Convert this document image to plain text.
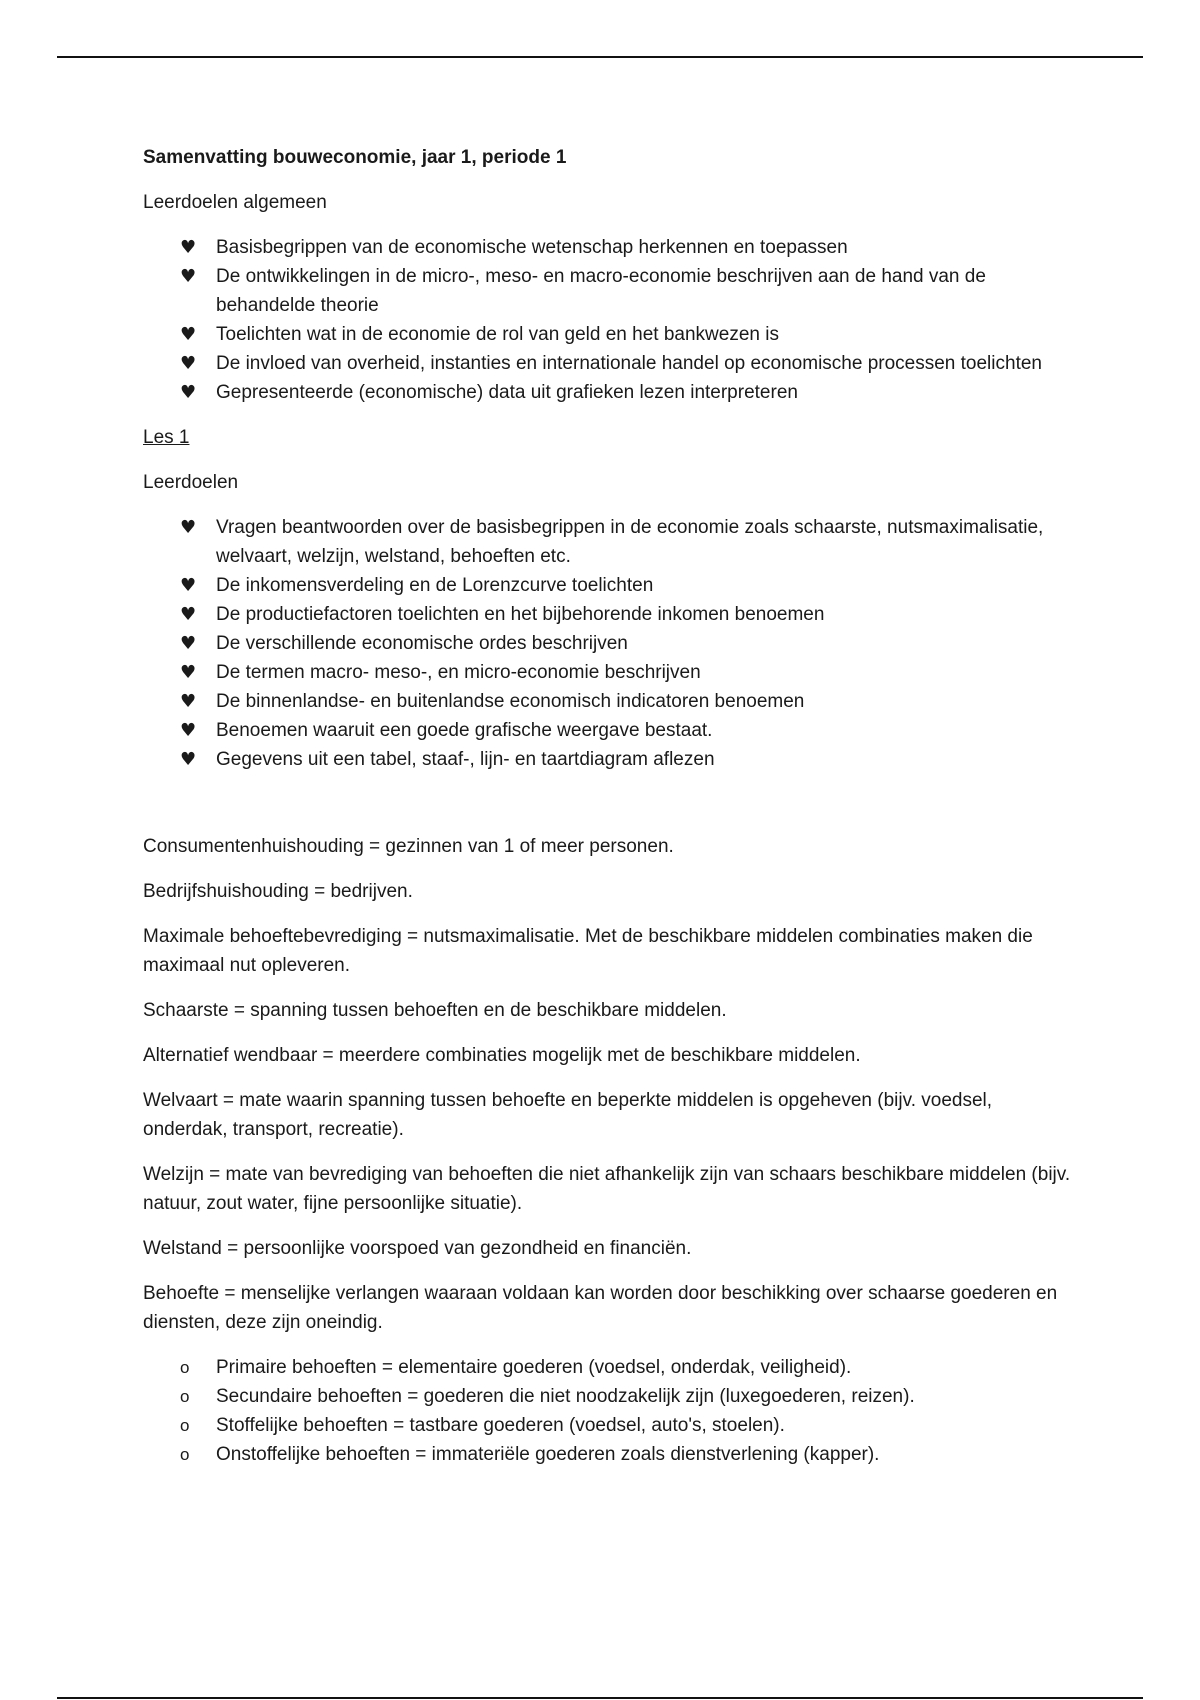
Samenvatting bouweconomie, jaar 1, periode 1

Leerdoelen algemeen

♥ Basisbegrippen van de economische wetenschap herkennen en toepassen
♥ De ontwikkelingen in de micro-, meso- en macro-economie beschrijven aan de hand van de behandelde theorie
♥ Toelichten wat in de economie de rol van geld en het bankwezen is
♥ De invloed van overheid, instanties en internationale handel op economische processen toelichten
♥ Gepresenteerde (economische) data uit grafieken lezen interpreteren

Les 1

Leerdoelen

♥ Vragen beantwoorden over de basisbegrippen in de economie zoals schaarste, nutsmaximalisatie, welvaart, welzijn, welstand, behoeften etc.
♥ De inkomensverdeling en de Lorenzcurve toelichten
♥ De productiefactoren toelichten en het bijbehorende inkomen benoemen
♥ De verschillende economische ordes beschrijven
♥ De termen macro- meso-, en micro-economie beschrijven
♥ De binnenlandse- en buitenlandse economisch indicatoren benoemen
♥ Benoemen waaruit een goede grafische weergave bestaat.
♥ Gegevens uit een tabel, staaf-, lijn- en taartdiagram aflezen

Consumentenhuishouding = gezinnen van 1 of meer personen.

Bedrijfshuishouding = bedrijven.

Maximale behoeftebevrediging = nutsmaximalisatie. Met de beschikbare middelen combinaties maken die maximaal nut opleveren.

Schaarste = spanning tussen behoeften en de beschikbare middelen.

Alternatief wendbaar = meerdere combinaties mogelijk met de beschikbare middelen.

Welvaart = mate waarin spanning tussen behoefte en beperkte middelen is opgeheven (bijv. voedsel, onderdak, transport, recreatie).

Welzijn = mate van bevrediging van behoeften die niet afhankelijk zijn van schaars beschikbare middelen (bijv. natuur, zout water, fijne persoonlijke situatie).

Welstand = persoonlijke voorspoed van gezondheid en financiën.

Behoefte = menselijke verlangen waaraan voldaan kan worden door beschikking over schaarse goederen en diensten, deze zijn oneindig.

o	Primaire behoeften = elementaire goederen (voedsel, onderdak, veiligheid).
o	Secundaire behoeften = goederen die niet noodzakelijk zijn (luxegoederen, reizen).
o	Stoffelijke behoeften = tastbare goederen (voedsel, auto's, stoelen).
o	Onstoffelijke behoeften = immateriële goederen zoals dienstverlening (kapper).
